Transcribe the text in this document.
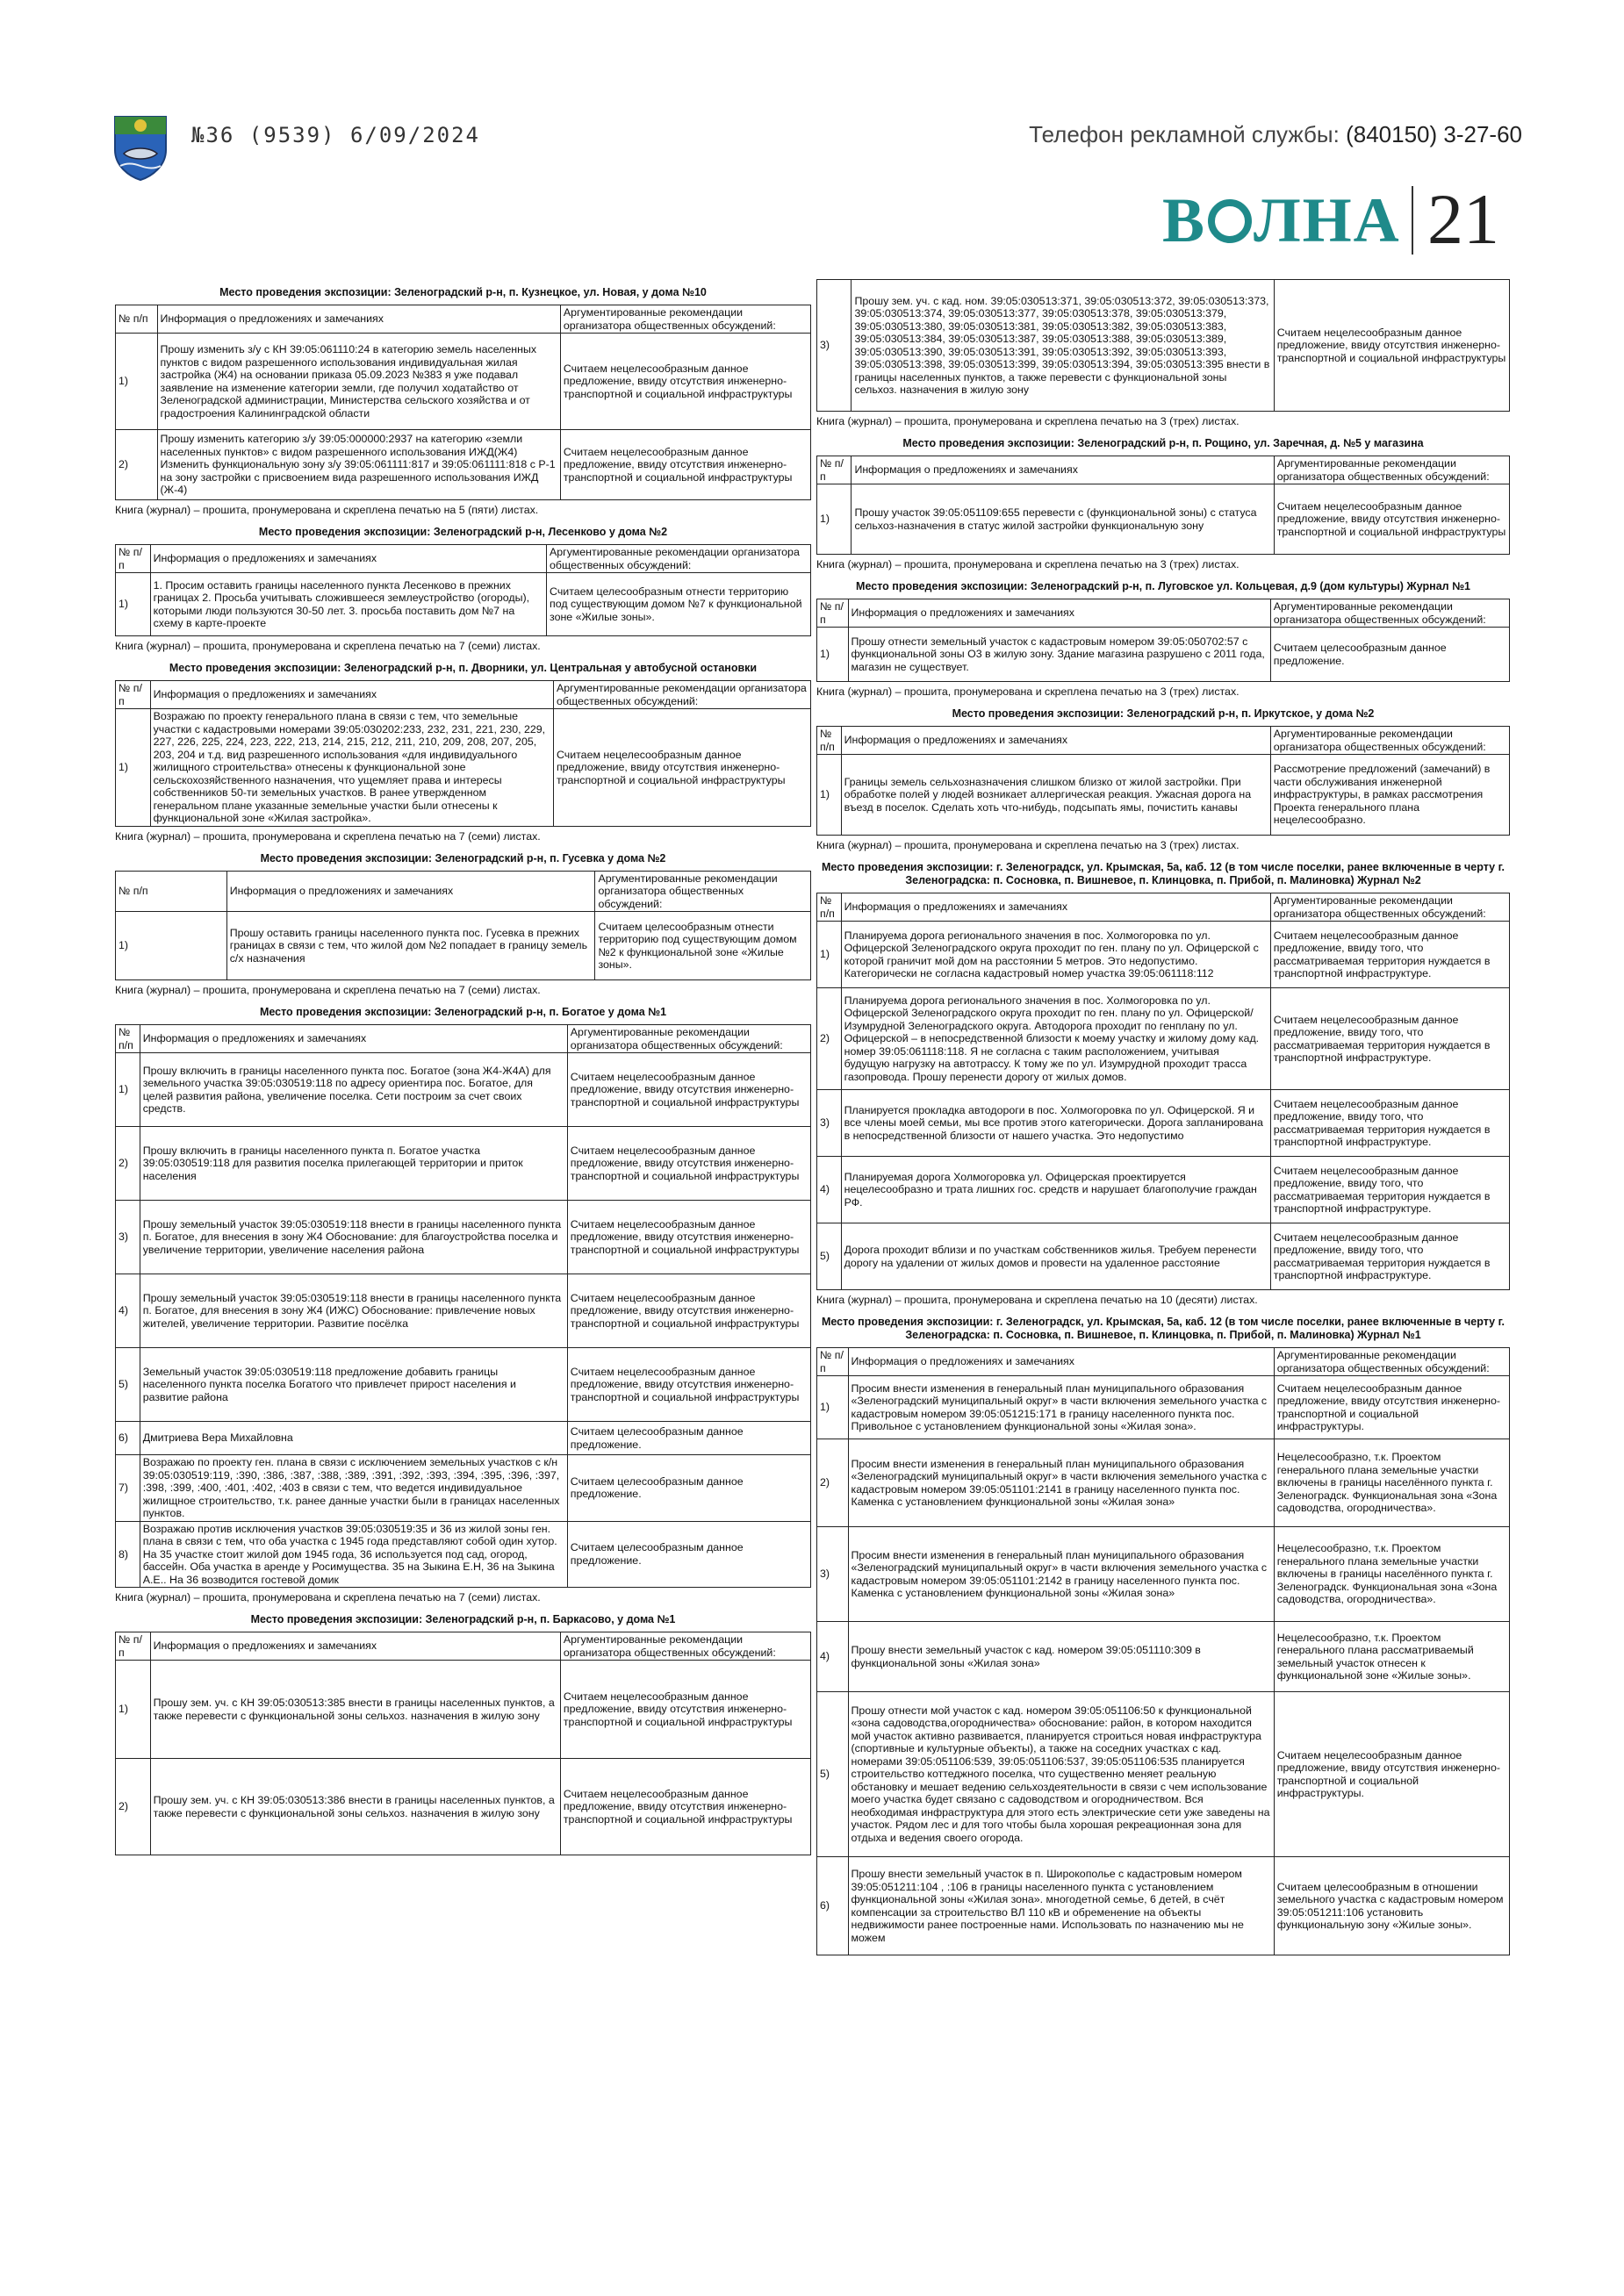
№36 (9539) 6/09/2024	Телефон рекламной службы: (840150) 3-27-60
В ЛНА 21
Место проведения экспозиции: Зеленоградский р-н, п. Кузнецкое, ул. Новая, у дома №10
№ п/п	Информация о предложениях и замечаниях	Аргументированные рекомендации организатора общественных обсуждений:
1)	Прошу изменить з/у с КН 39:05:061110:24 в категорию земель населенных пунктов с видом разрешенного использования индивидуальная жилая застройка (Ж4) на основании приказа 05.09.2023 №383 я уже подавал заявление на изменение категории земли, где получил ходатайство от Зеленоградской администрации, Министерства сельского хозяйства и от градостроения Калининградской области	Считаем нецелесообразным данное предложение, ввиду отсутствия инженерно-транспортной и социальной инфраструктуры
2)	Прошу изменить категорию з/у 39:05:000000:2937 на категорию «земли населенных пунктов» с видом разрешенного использования ИЖД(Ж4) Изменить функциональную зону з/у 39:05:061111:817 и 39:05:061111:818 с Р-1 на зону застройки с присвоением вида разрешенного использования ИЖД (Ж-4)	Считаем нецелесообразным данное предложение, ввиду отсутствия инженерно-транспортной и социальной инфраструктуры
Книга (журнал) – прошита, пронумерована и скреплена печатью на 5 (пяти) листах.
Место проведения экспозиции: Зеленоградский р-н, Лесенково у дома №2
№ п/п	Информация о предложениях и замечаниях	Аргументированные рекомендации организатора общественных обсуждений:
1)	1. Просим оставить границы населенного пункта Лесенково в прежних границах 2. Просьба учитывать сложившееся землеустройство (огороды), которыми люди пользуются 30-50 лет. 3. просьба поставить дом №7 на схему в карте-проекте	Считаем целесообразным отнести территорию под существующим домом №7 к функциональной зоне «Жилые зоны».
Книга (журнал) – прошита, пронумерована и скреплена печатью на 7 (семи) листах.
Место проведения экспозиции: Зеленоградский р-н, п. Дворники, ул. Центральная у автобусной остановки
№ п/п	Информация о предложениях и замечаниях	Аргументированные рекомендации организатора общественных обсуждений:
1)	Возражаю по проекту генерального плана в связи с тем, что земельные участки с кадастровыми номерами 39:05:030202:233, 232, 231, 221, 230, 229, 227, 226, 225, 224, 223, 222, 213, 214, 215, 212, 211, 210, 209, 208, 207, 205, 203, 204 и т.д. вид разрешенного использования «для индивидуального жилищного строительства» отнесены к функциональной зоне сельскохозяйственного назначения, что ущемляет права и интересы собственников 50-ти земельных участков. В ранее утвержденном генеральном плане указанные земельные участки были отнесены к функциональной зоне «Жилая застройка».	Считаем нецелесообразным данное предложение, ввиду отсутствия инженерно-транспортной и социальной инфраструктуры
Книга (журнал) – прошита, пронумерована и скреплена печатью на 7 (семи) листах.
Место проведения экспозиции: Зеленоградский р-н, п. Гусевка у дома №2
№ п/п	Информация о предложениях и замечаниях	Аргументированные рекомендации организатора общественных обсуждений:
1)	Прошу оставить границы населенного пункта пос. Гусевка в прежних границах в связи с тем, что жилой дом №2 попадает в границу земель с/х назначения	Считаем целесообразным отнести территорию под существующим домом №2 к функциональной зоне «Жилые зоны».
Книга (журнал) – прошита, пронумерована и скреплена печатью на 7 (семи) листах.
Место проведения экспозиции: Зеленоградский р-н, п. Богатое у дома №1
№ п/п	Информация о предложениях и замечаниях	Аргументированные рекомендации организатора общественных обсуждений:
1)	Прошу включить в границы населенного пункта пос. Богатое (зона Ж4-Ж4А) для земельного участка 39:05:030519:118 по адресу ориентира пос. Богатое, для целей развития района, увеличение поселка. Сети построим за счет своих средств.	Считаем нецелесообразным данное предложение, ввиду отсутствия инженерно-транспортной и социальной инфраструктуры
2)	Прошу включить в границы населенного пункта п. Богатое участка 39:05:030519:118 для развития поселка прилегающей территории и приток населения	Считаем нецелесообразным данное предложение, ввиду отсутствия инженерно-транспортной и социальной инфраструктуры
3)	Прошу земельный участок 39:05:030519:118 внести в границы населенного пункта п. Богатое, для внесения в зону Ж4 Обоснование: для благоустройства поселка и увеличение территории, увеличение населения района	Считаем нецелесообразным данное предложение, ввиду отсутствия инженерно-транспортной и социальной инфраструктуры
4)	Прошу земельный участок 39:05:030519:118 внести в границы населенного пункта п. Богатое, для внесения в зону Ж4 (ИЖС) Обоснование: привлечение новых жителей, увеличение территории. Развитие посёлка	Считаем нецелесообразным данное предложение, ввиду отсутствия инженерно-транспортной и социальной инфраструктуры
5)	Земельный участок 39:05:030519:118 предложение добавить границы населенного пункта поселка Богатого что привлечет прирост населения и развитие района	Считаем нецелесообразным данное предложение, ввиду отсутствия инженерно-транспортной и социальной инфраструктуры
6)	Дмитриева Вера Михайловна	Считаем целесообразным данное предложение.
7)	Возражаю по проекту ген. плана в связи с исключением земельных участков с к/н 39:05:030519:119, :390, :386, :387, :388, :389, :391, :392, :393, :394, :395, :396, :397, :398, :399, :400, :401, :402, :403 в связи с тем, что ведется индивидуальное жилищное строительство, т.к. ранее данные участки были в границах населенных пунктов.	Считаем целесообразным данное предложение.
8)	Возражаю против исключения участков 39:05:030519:35 и 36 из жилой зоны ген. плана в связи с тем, что оба участка с 1945 года представляют собой один хутор. На 35 участке стоит жилой дом 1945 года, 36 используется под сад, огород, бассейн. Оба участка в аренде у Росимущества. 35 на Зыкина Е.Н, 36 на Зыкина А.Е.. На 36 возводится гостевой домик	Считаем целесообразным данное предложение.
Книга (журнал) – прошита, пронумерована и скреплена печатью на 7 (семи) листах.
Место проведения экспозиции: Зеленоградский р-н, п. Баркасово, у дома №1
№ п/п	Информация о предложениях и замечаниях	Аргументированные рекомендации организатора общественных обсуждений:
1)	Прошу зем. уч. с КН 39:05:030513:385 внести в границы населенных пунктов, а также перевести с функциональной зоны сельхоз. назначения в жилую зону	Считаем нецелесообразным данное предложение, ввиду отсутствия инженерно-транспортной и социальной инфраструктуры
2)	Прошу зем. уч. с КН 39:05:030513:386 внести в границы населенных пунктов, а также перевести с функциональной зоны сельхоз. назначения в жилую зону	Считаем нецелесообразным данное предложение, ввиду отсутствия инженерно-транспортной и социальной инфраструктуры
3)	Прошу зем. уч. с кад. ном. 39:05:030513:371, 39:05:030513:372, 39:05:030513:373, 39:05:030513:374, 39:05:030513:377, 39:05:030513:378, 39:05:030513:379, 39:05:030513:380, 39:05:030513:381, 39:05:030513:382, 39:05:030513:383, 39:05:030513:384, 39:05:030513:387, 39:05:030513:388, 39:05:030513:389, 39:05:030513:390, 39:05:030513:391, 39:05:030513:392, 39:05:030513:393, 39:05:030513:398, 39:05:030513:399, 39:05:030513:394, 39:05:030513:395 внести в границы населенных пунктов, а также перевести с функциональной зоны сельхоз. назначения в жилую зону	Считаем нецелесообразным данное предложение, ввиду отсутствия инженерно-транспортной и социальной инфраструктуры
Книга (журнал) – прошита, пронумерована и скреплена печатью на 3 (трех) листах.
Место проведения экспозиции: Зеленоградский р-н, п. Рощино, ул. Заречная, д. №5 у магазина
№ п/п	Информация о предложениях и замечаниях	Аргументированные рекомендации организатора общественных обсуждений:
1)	Прошу участок 39:05:051109:655 перевести с (функциональной зоны) с статуса сельхоз-назначения в статус жилой застройки функциональную зону	Считаем нецелесообразным данное предложение, ввиду отсутствия инженерно-транспортной и социальной инфраструктуры
Книга (журнал) – прошита, пронумерована и скреплена печатью на 3 (трех) листах.
Место проведения экспозиции: Зеленоградский р-н, п. Луговское ул. Кольцевая, д.9 (дом культуры) Журнал №1
№ п/п	Информация о предложениях и замечаниях	Аргументированные рекомендации организатора общественных обсуждений:
1)	Прошу отнести земельный участок с кадастровым номером 39:05:050702:57 с функциональной зоны О3 в жилую зону. Здание магазина разрушено с 2011 года, магазин не существует.	Считаем целесообразным данное предложение.
Книга (журнал) – прошита, пронумерована и скреплена печатью на 3 (трех) листах.
Место проведения экспозиции: Зеленоградский р-н, п. Иркутское, у дома №2
№ п/п	Информация о предложениях и замечаниях	Аргументированные рекомендации организатора общественных обсуждений:
1)	Границы земель сельхозназначения слишком близко от жилой застройки. При обработке полей у людей возникает аллергическая реакция. Ужасная дорога на въезд в поселок. Сделать хоть что-нибудь, подсыпать ямы, почистить канавы	Рассмотрение предложений (замечаний) в части обслуживания инженерной инфраструктуры, в рамках рассмотрения Проекта генерального плана нецелесообразно.
Книга (журнал) – прошита, пронумерована и скреплена печатью на 3 (трех) листах.
Место проведения экспозиции: г. Зеленоградск, ул. Крымская, 5а, каб. 12 (в том числе поселки, ранее включенные в черту г. Зеленоградска: п. Сосновка, п. Вишневое, п. Клинцовка, п. Прибой, п. Малиновка) Журнал №2
№ п/п	Информация о предложениях и замечаниях	Аргументированные рекомендации организатора общественных обсуждений:
1)	Планируема дорога регионального значения в пос. Холмогоровка по ул. Офицерской Зеленоградского округа проходит по ген. плану по ул. Офицерской с которой граничит мой дом на расстоянии 5 метров. Это недопустимо. Категорически не согласна кадастровый номер участка 39:05:061118:112	Считаем нецелесообразным данное предложение, ввиду того, что рассматриваемая территория нуждается в транспортной инфраструктуре.
2)	Планируема дорога регионального значения в пос. Холмогоровка по ул. Офицерской Зеленоградского округа проходит по ген. плану по ул. Офицерской/ Изумрудной Зеленоградского округа. Автодорога проходит по генплану по ул. Офицерской – в непосредственной близости к моему участку и жилому дому кад. номер 39:05:061118:118. Я не согласна с таким расположением, учитывая будущую нагрузку на автотрассу. К тому же по ул. Изумрудной проходит трасса газопровода. Прошу перенести дорогу от жилых домов.	Считаем нецелесообразным данное предложение, ввиду того, что рассматриваемая территория нуждается в транспортной инфраструктуре.
3)	Планируется прокладка автодороги в пос. Холмогоровка по ул. Офицерской. Я и все члены моей семьи, мы все против этого категорически. Дорога запланирована в непосредственной близости от нашего участка. Это недопустимо	Считаем нецелесообразным данное предложение, ввиду того, что рассматриваемая территория нуждается в транспортной инфраструктуре.
4)	Планируемая дорога Холмогоровка ул. Офицерская проектируется нецелесообразно и трата лишних гос. средств и нарушает благополучие граждан РФ.	Считаем нецелесообразным данное предложение, ввиду того, что рассматриваемая территория нуждается в транспортной инфраструктуре.
5)	Дорога проходит вблизи и по участкам собственников жилья. Требуем перенести дорогу на удалении от жилых домов и провести на удаленное расстояние	Считаем нецелесообразным данное предложение, ввиду того, что рассматриваемая территория нуждается в транспортной инфраструктуре.
Книга (журнал) – прошита, пронумерована и скреплена печатью на 10 (десяти) листах.
Место проведения экспозиции: г. Зеленоградск, ул. Крымская, 5а, каб. 12 (в том числе поселки, ранее включенные в черту г. Зеленоградска: п. Сосновка, п. Вишневое, п. Клинцовка, п. Прибой, п. Малиновка) Журнал №1
№ п/п	Информация о предложениях и замечаниях	Аргументированные рекомендации организатора общественных обсуждений:
1)	Просим внести изменения в генеральный план муниципального образования «Зеленоградский муниципальный округ» в части включения земельного участка с кадастровым номером 39:05:051215:171 в границу населенного пункта пос. Привольное с установлением функциональной зоны «Жилая зона».	Считаем нецелесообразным данное предложение, ввиду отсутствия инженерно-транспортной и социальной инфраструктуры.
2)	Просим внести изменения в генеральный план муниципального образования «Зеленоградский муниципальный округ» в части включения земельного участка с кадастровым номером 39:05:051101:2141 в границу населенного пункта пос. Каменка с установлением функциональной зоны «Жилая зона»	Нецелесообразно, т.к. Проектом генерального плана земельные участки включены в границы населённого пункта г. Зеленоградск. Функциональная зона «Зона садоводства, огородничества».
3)	Просим внести изменения в генеральный план муниципального образования «Зеленоградский муниципальный округ» в части включения земельного участка с кадастровым номером 39:05:051101:2142 в границу населенного пункта пос. Каменка с установлением функциональной зоны «Жилая зона»	Нецелесообразно, т.к. Проектом генерального плана земельные участки включены в границы населённого пункта г. Зеленоградск. Функциональная зона «Зона садоводства, огородничества».
4)	Прошу внести земельный участок с кад. номером 39:05:051110:309 в функциональной зоны «Жилая зона»	Нецелесообразно, т.к. Проектом генерального плана рассматриваемый земельный участок отнесен к функциональной зоне «Жилые зоны».
5)	Прошу отнести мой участок с кад. номером 39:05:051106:50 к функциональной «зона садоводства,огородничества» обоснование: район, в котором находится мой участок активно развивается, планируется строиться новая инфраструктура (спортивные и культурные объекты), а также на соседних участках с кад. номерами 39:05:051106:539, 39:05:051106:537, 39:05:051106:535 планируется строительство коттеджного поселка, что существенно меняет реальную обстановку и мешает ведению сельхоздеятельности в связи с чем использование моего участка будет связано с садоводством и огородничеством. Вся необходимая инфраструктура для этого есть электрические сети уже заведены на участок. Рядом лес и для того чтобы была хорошая рекреационная зона для отдыха и ведения своего огорода.	Считаем нецелесообразным данное предложение, ввиду отсутствия инженерно-транспортной и социальной инфраструктуры.
6)	Прошу внести земельный участок в п. Широкополье с кадастровым номером 39:05:051211:104 , :106 в границы населенного пункта с установлением функциональной зоны «Жилая зона». многодетной семье, 6 детей, в счёт компенсации за строительство ВЛ 110 кВ и обременение на объекты недвижимости ранее построенные нами. Использовать по назначению мы не можем	Считаем целесообразным в отношении земельного участка с кадастровым номером 39:05:051211:106 установить функциональную зону «Жилые зоны».
